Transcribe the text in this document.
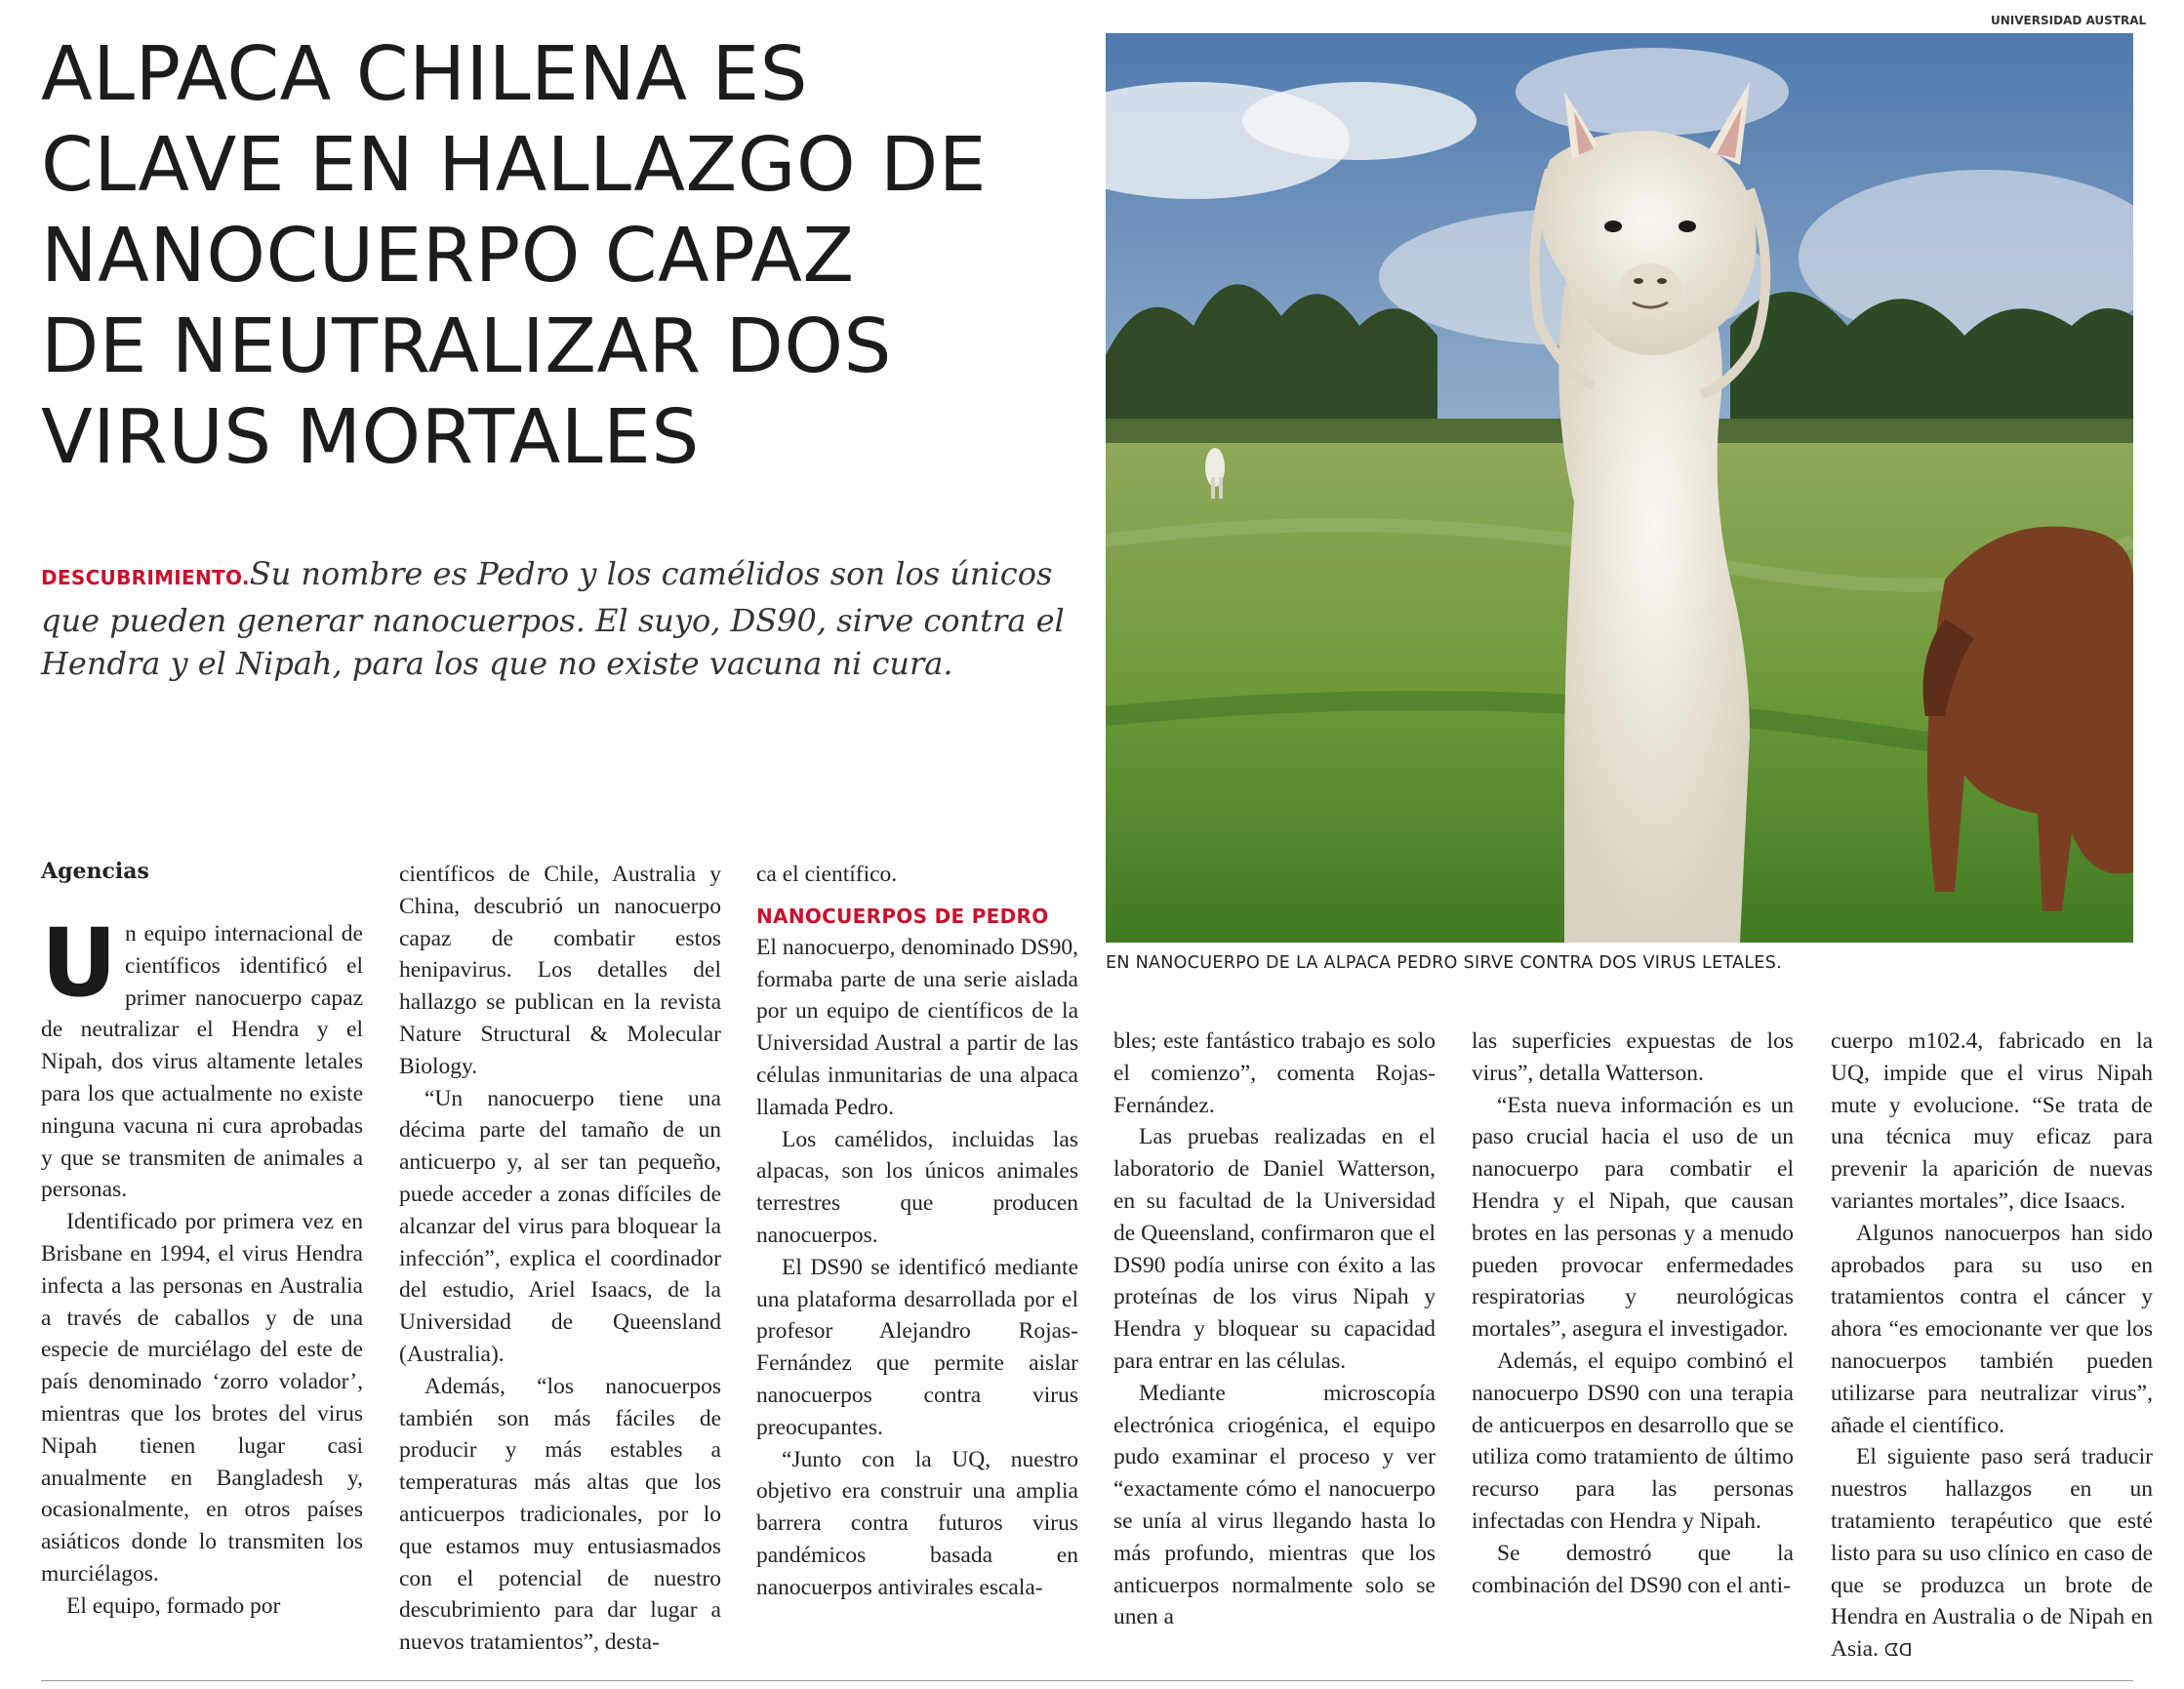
ALPACA CHILENA ES
CLAVE EN HALLAZGO DE
NANOCUERPO CAPAZ
DE NEUTRALIZAR DOS
VIRUS MORTALES

DESCUBRIMIENTO.Su nombre es Pedro y los camélidos son los únicos que pueden generar nanocuerpos. El suyo, DS90, sirve contra el Hendra y el Nipah, para los que no existe vacuna ni cura.

UNIVERSIDAD AUSTRAL
EN NANOCUERPO DE LA ALPACA PEDRO SIRVE CONTRA DOS VIRUS LETALES.
Agencias

Un equipo internacional de científicos identificó el primer nanocuerpo capaz de neutralizar el Hendra y el Nipah, dos virus altamente letales para los que actualmente no existe ninguna vacuna ni cura aprobadas y que se transmiten de animales a personas.

Identificado por primera vez en Brisbane en 1994, el virus Hendra infecta a las personas en Australia a través de caballos y de una especie de murciélago del este de país denominado ‘zorro volador’, mientras que los brotes del virus Nipah tienen lugar casi anualmente en Bangladesh y, ocasionalmente, en otros países asiáticos donde lo transmiten los murciélagos.

El equipo, formado por

científicos de Chile, Australia y China, descubrió un nanocuerpo capaz de combatir estos henipavirus. Los detalles del hallazgo se publican en la revista Nature Structural & Molecular Biology.

“Un nanocuerpo tiene una décima parte del tamaño de un anticuerpo y, al ser tan pequeño, puede acceder a zonas difíciles de alcanzar del virus para bloquear la infección”, explica el coordinador del estudio, Ariel Isaacs, de la Universidad de Queensland (Australia).

Además, “los nanocuerpos también son más fáciles de producir y más estables a temperaturas más altas que los anticuerpos tradicionales, por lo que estamos muy entusiasmados con el potencial de nuestro descubrimiento para dar lugar a nuevos tratamientos”, desta-

ca el científico.

NANOCUERPOS DE PEDRO

El nanocuerpo, denominado DS90, formaba parte de una serie aislada por un equipo de científicos de la Universidad Austral a partir de las células inmunitarias de una alpaca llamada Pedro.

Los camélidos, incluidas las alpacas, son los únicos animales terrestres que producen nanocuerpos.

El DS90 se identificó mediante una plataforma desarrollada por el profesor Alejandro Rojas-Fernández que permite aislar nanocuerpos contra virus preocupantes.

“Junto con la UQ, nuestro objetivo era construir una amplia barrera contra futuros virus pandémicos basada en nanocuerpos antivirales escala-

bles; este fantástico trabajo es solo el comienzo”, comenta Rojas-Fernández.

Las pruebas realizadas en el laboratorio de Daniel Watterson, en su facultad de la Universidad de Queensland, confirmaron que el DS90 podía unirse con éxito a las proteínas de los virus Nipah y Hendra y bloquear su capacidad para entrar en las células.

Mediante microscopía electrónica criogénica, el equipo pudo examinar el proceso y ver “exactamente cómo el nanocuerpo se unía al virus llegando hasta lo más profundo, mientras que los anticuerpos normalmente solo se unen a

las superficies expuestas de los virus”, detalla Watterson.

“Esta nueva información es un paso crucial hacia el uso de un nanocuerpo para combatir el Hendra y el Nipah, que causan brotes en las personas y a menudo pueden provocar enfermedades respiratorias y neurológicas mortales”, asegura el investigador.

Además, el equipo combinó el nanocuerpo DS90 con una terapia de anticuerpos en desarrollo que se utiliza como tratamiento de último recurso para las personas infectadas con Hendra y Nipah.

Se demostró que la combinación del DS90 con el anti-

cuerpo m102.4, fabricado en la UQ, impide que el virus Nipah mute y evolucione. “Se trata de una técnica muy eficaz para prevenir la aparición de nuevas variantes mortales”, dice Isaacs.

Algunos nanocuerpos han sido aprobados para su uso en tratamientos contra el cáncer y ahora “es emocionante ver que los nanocuerpos también pueden utilizarse para neutralizar virus”, añade el científico.

El siguiente paso será traducir nuestros hallazgos en un tratamiento terapéutico que esté listo para su uso clínico en caso de que se produzca un brote de Hendra en Australia o de Nipah en Asia. ᗧᗡ
